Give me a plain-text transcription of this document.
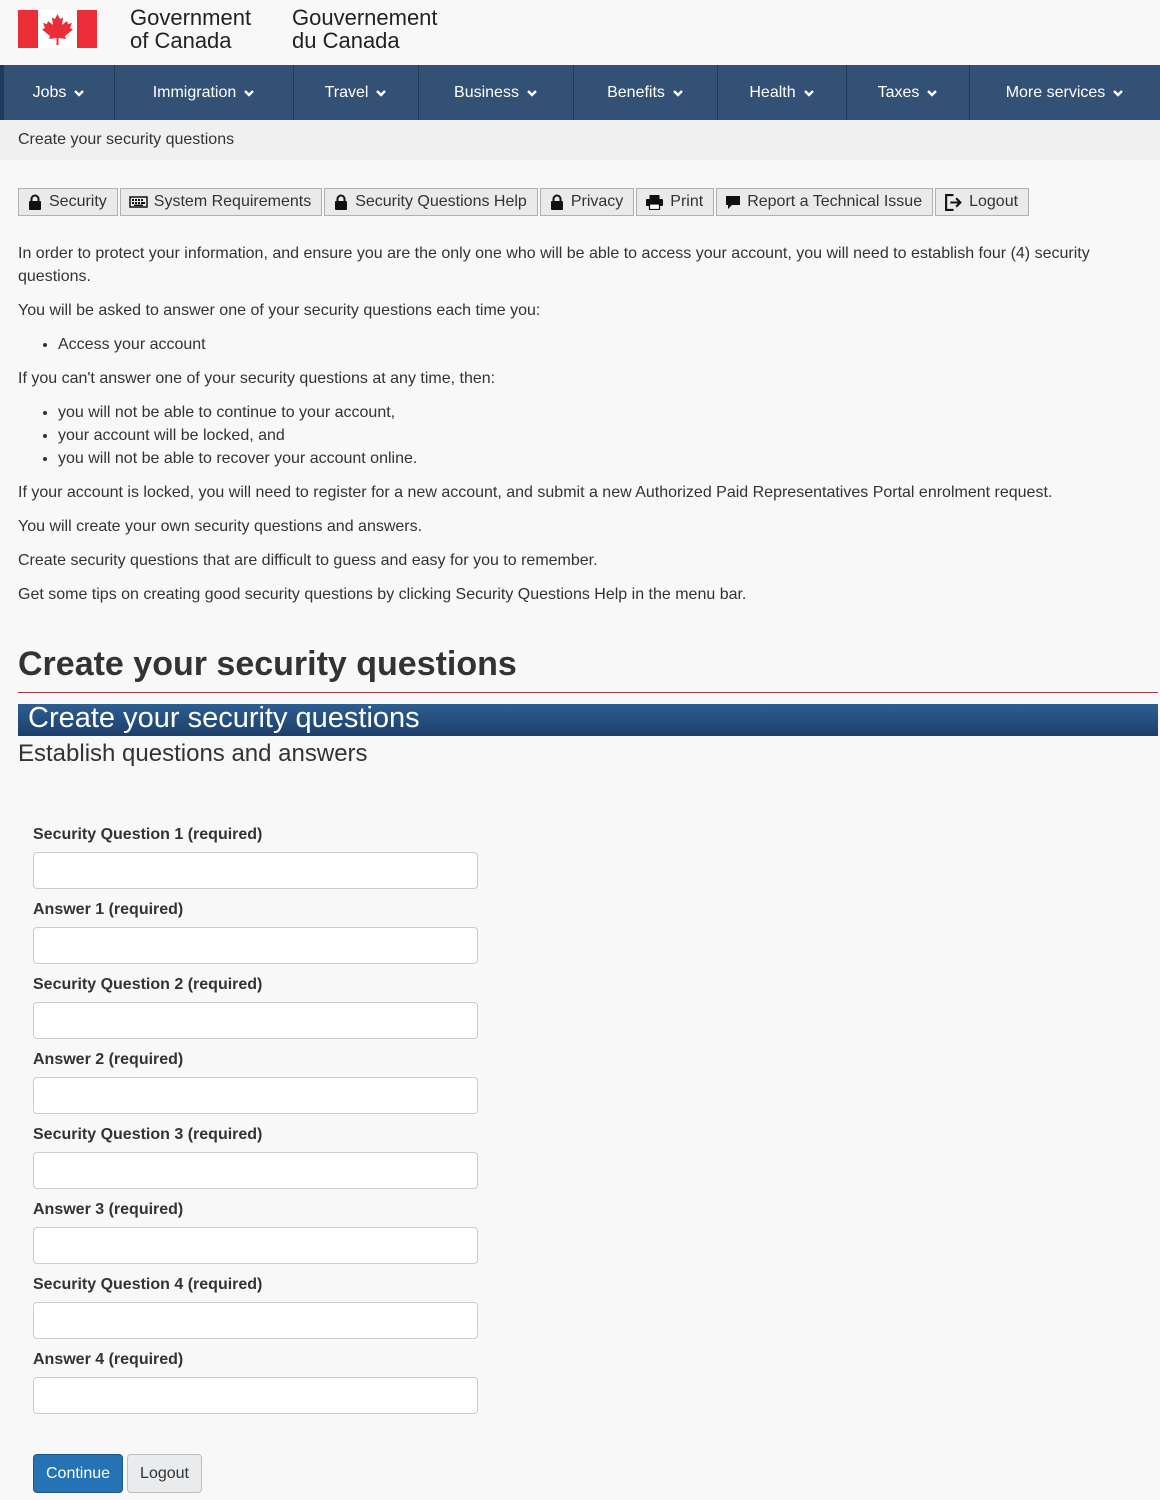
Government
of Canada
Gouvernement
du Canada
Jobs	Immigration	Travel	Business	Benefits	Health	Taxes	More services
Create your security questions
Security	System Requirements	Security Questions Help	Privacy	Print	Report a Technical Issue	Logout

In order to protect your information, and ensure you are the only one who will be able to access your account, you will need to establish four (4) security questions.

You will be asked to answer one of your security questions each time you:

• Access your account

If you can't answer one of your security questions at any time, then:

• you will not be able to continue to your account,
• your account will be locked, and
• you will not be able to recover your account online.

If your account is locked, you will need to register for a new account, and submit a new Authorized Paid Representatives Portal enrolment request.

You will create your own security questions and answers.

Create security questions that are difficult to guess and easy for you to remember.

Get some tips on creating good security questions by clicking Security Questions Help in the menu bar.

Create your security questions
Create your security questions
Establish questions and answers
Security Question 1 (required)
Answer 1 (required)
Security Question 2 (required)
Answer 2 (required)
Security Question 3 (required)
Answer 3 (required)
Security Question 4 (required)
Answer 4 (required)
Continue	Logout
